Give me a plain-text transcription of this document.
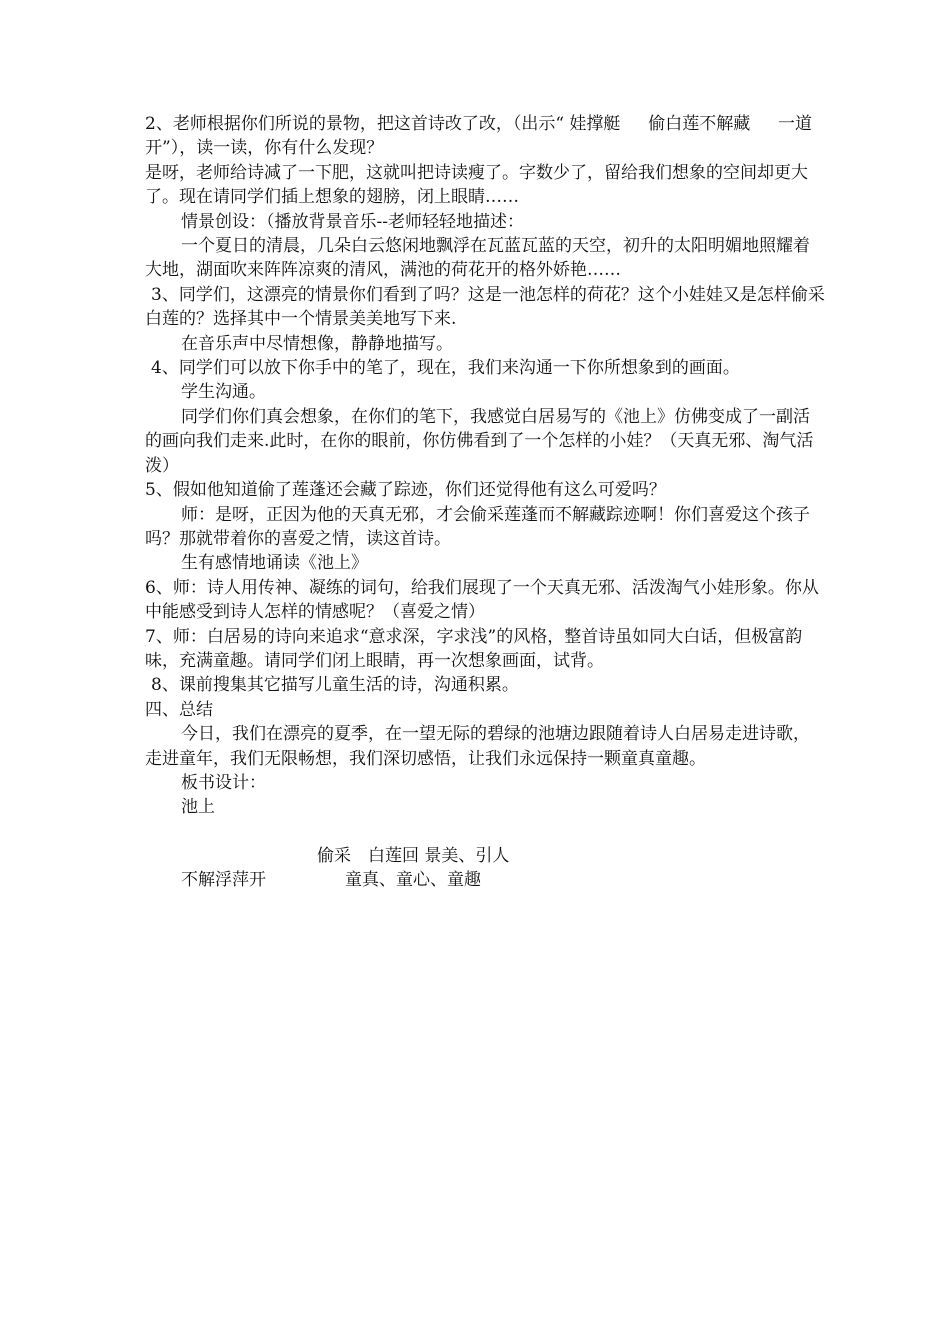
2、老师根据你们所说的景物，把这首诗改了改，（出示“ 娃撑艇 　 偷白莲不解藏 　 一道开”），读一读，你有什么发现？

是呀，老师给诗减了一下肥，这就叫把诗读瘦了。字数少了，留给我们想象的空间却更大了。现在请同学们插上想象的翅膀，闭上眼睛……

情景创设：（播放背景音乐--老师轻轻地描述：

一个夏日的清晨，几朵白云悠闲地飘浮在瓦蓝瓦蓝的天空，初升的太阳明媚地照耀着大地，湖面吹来阵阵凉爽的清风，满池的荷花开的格外娇艳……

3、同学们，这漂亮的情景你们看到了吗？这是一池怎样的荷花？这个小娃娃又是怎样偷采白莲的？选择其中一个情景美美地写下来.

在音乐声中尽情想像，静静地描写。

4、同学们可以放下你手中的笔了，现在，我们来沟通一下你所想象到的画面。

学生沟通。

同学们你们真会想象，在你们的笔下，我感觉白居易写的《池上》仿佛变成了一副活的画向我们走来.此时，在你的眼前，你仿佛看到了一个怎样的小娃？（天真无邪、淘气活泼）

5、假如他知道偷了莲蓬还会藏了踪迹，你们还觉得他有这么可爱吗？

师：是呀，正因为他的天真无邪，才会偷采莲蓬而不解藏踪迹啊！你们喜爱这个孩子吗？那就带着你的喜爱之情，读这首诗。

生有感情地诵读《池上》

6、师：诗人用传神、凝练的词句，给我们展现了一个天真无邪、活泼淘气小娃形象。你从中能感受到诗人怎样的情感呢？（喜爱之情）

7、师：白居易的诗向来追求“意求深，字求浅”的风格，整首诗虽如同大白话，但极富韵味，充满童趣。请同学们闭上眼睛，再一次想象画面，试背。

8、课前搜集其它描写儿童生活的诗，沟通积累。

四、总结

今日，我们在漂亮的夏季，在一望无际的碧绿的池塘边跟随着诗人白居易走进诗歌，走进童年，我们无限畅想，我们深切感悟，让我们永远保持一颗童真童趣。

板书设计：

池上

偷采　白莲回 景美、引人
不解浮萍开	童真、童心、童趣
